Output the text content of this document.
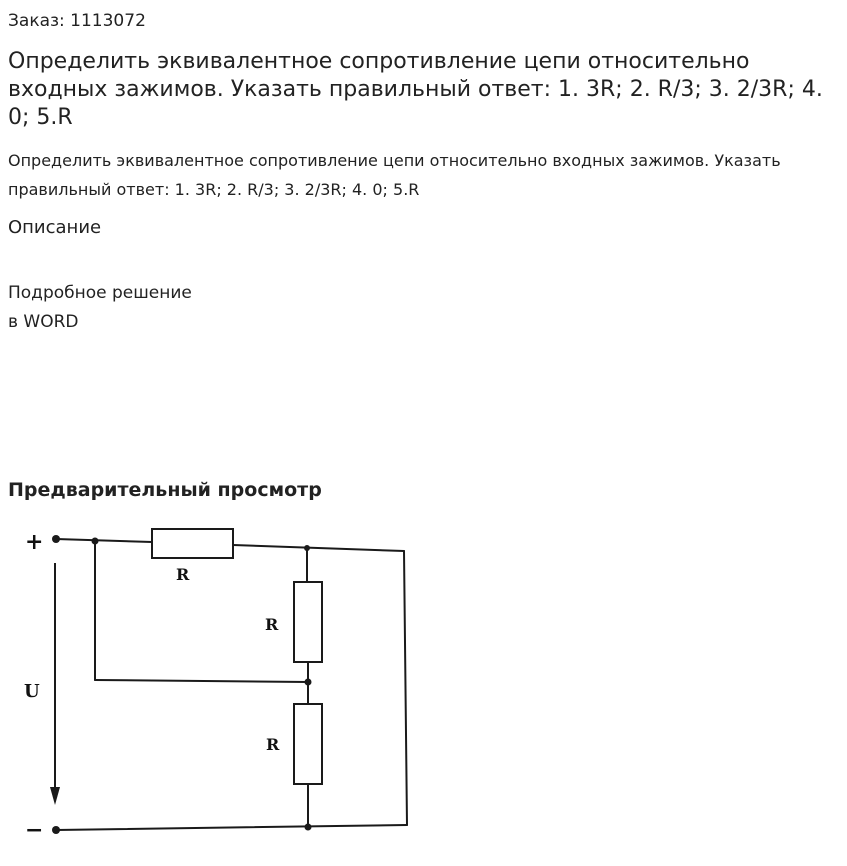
Заказ: 1113072
Определить эквивалентное сопротивление цепи относительно входных зажимов. Указать правильный ответ: 1. 3R; 2. R/3; 3. 2/3R; 4. 0; 5.R
Определить эквивалентное сопротивление цепи относительно входных зажимов. Указать правильный ответ: 1. 3R; 2. R/3; 3. 2/3R; 4. 0; 5.R
Описание
Подробное решение
в WORD
Предварительный просмотр
+
−
U
R
R
R
